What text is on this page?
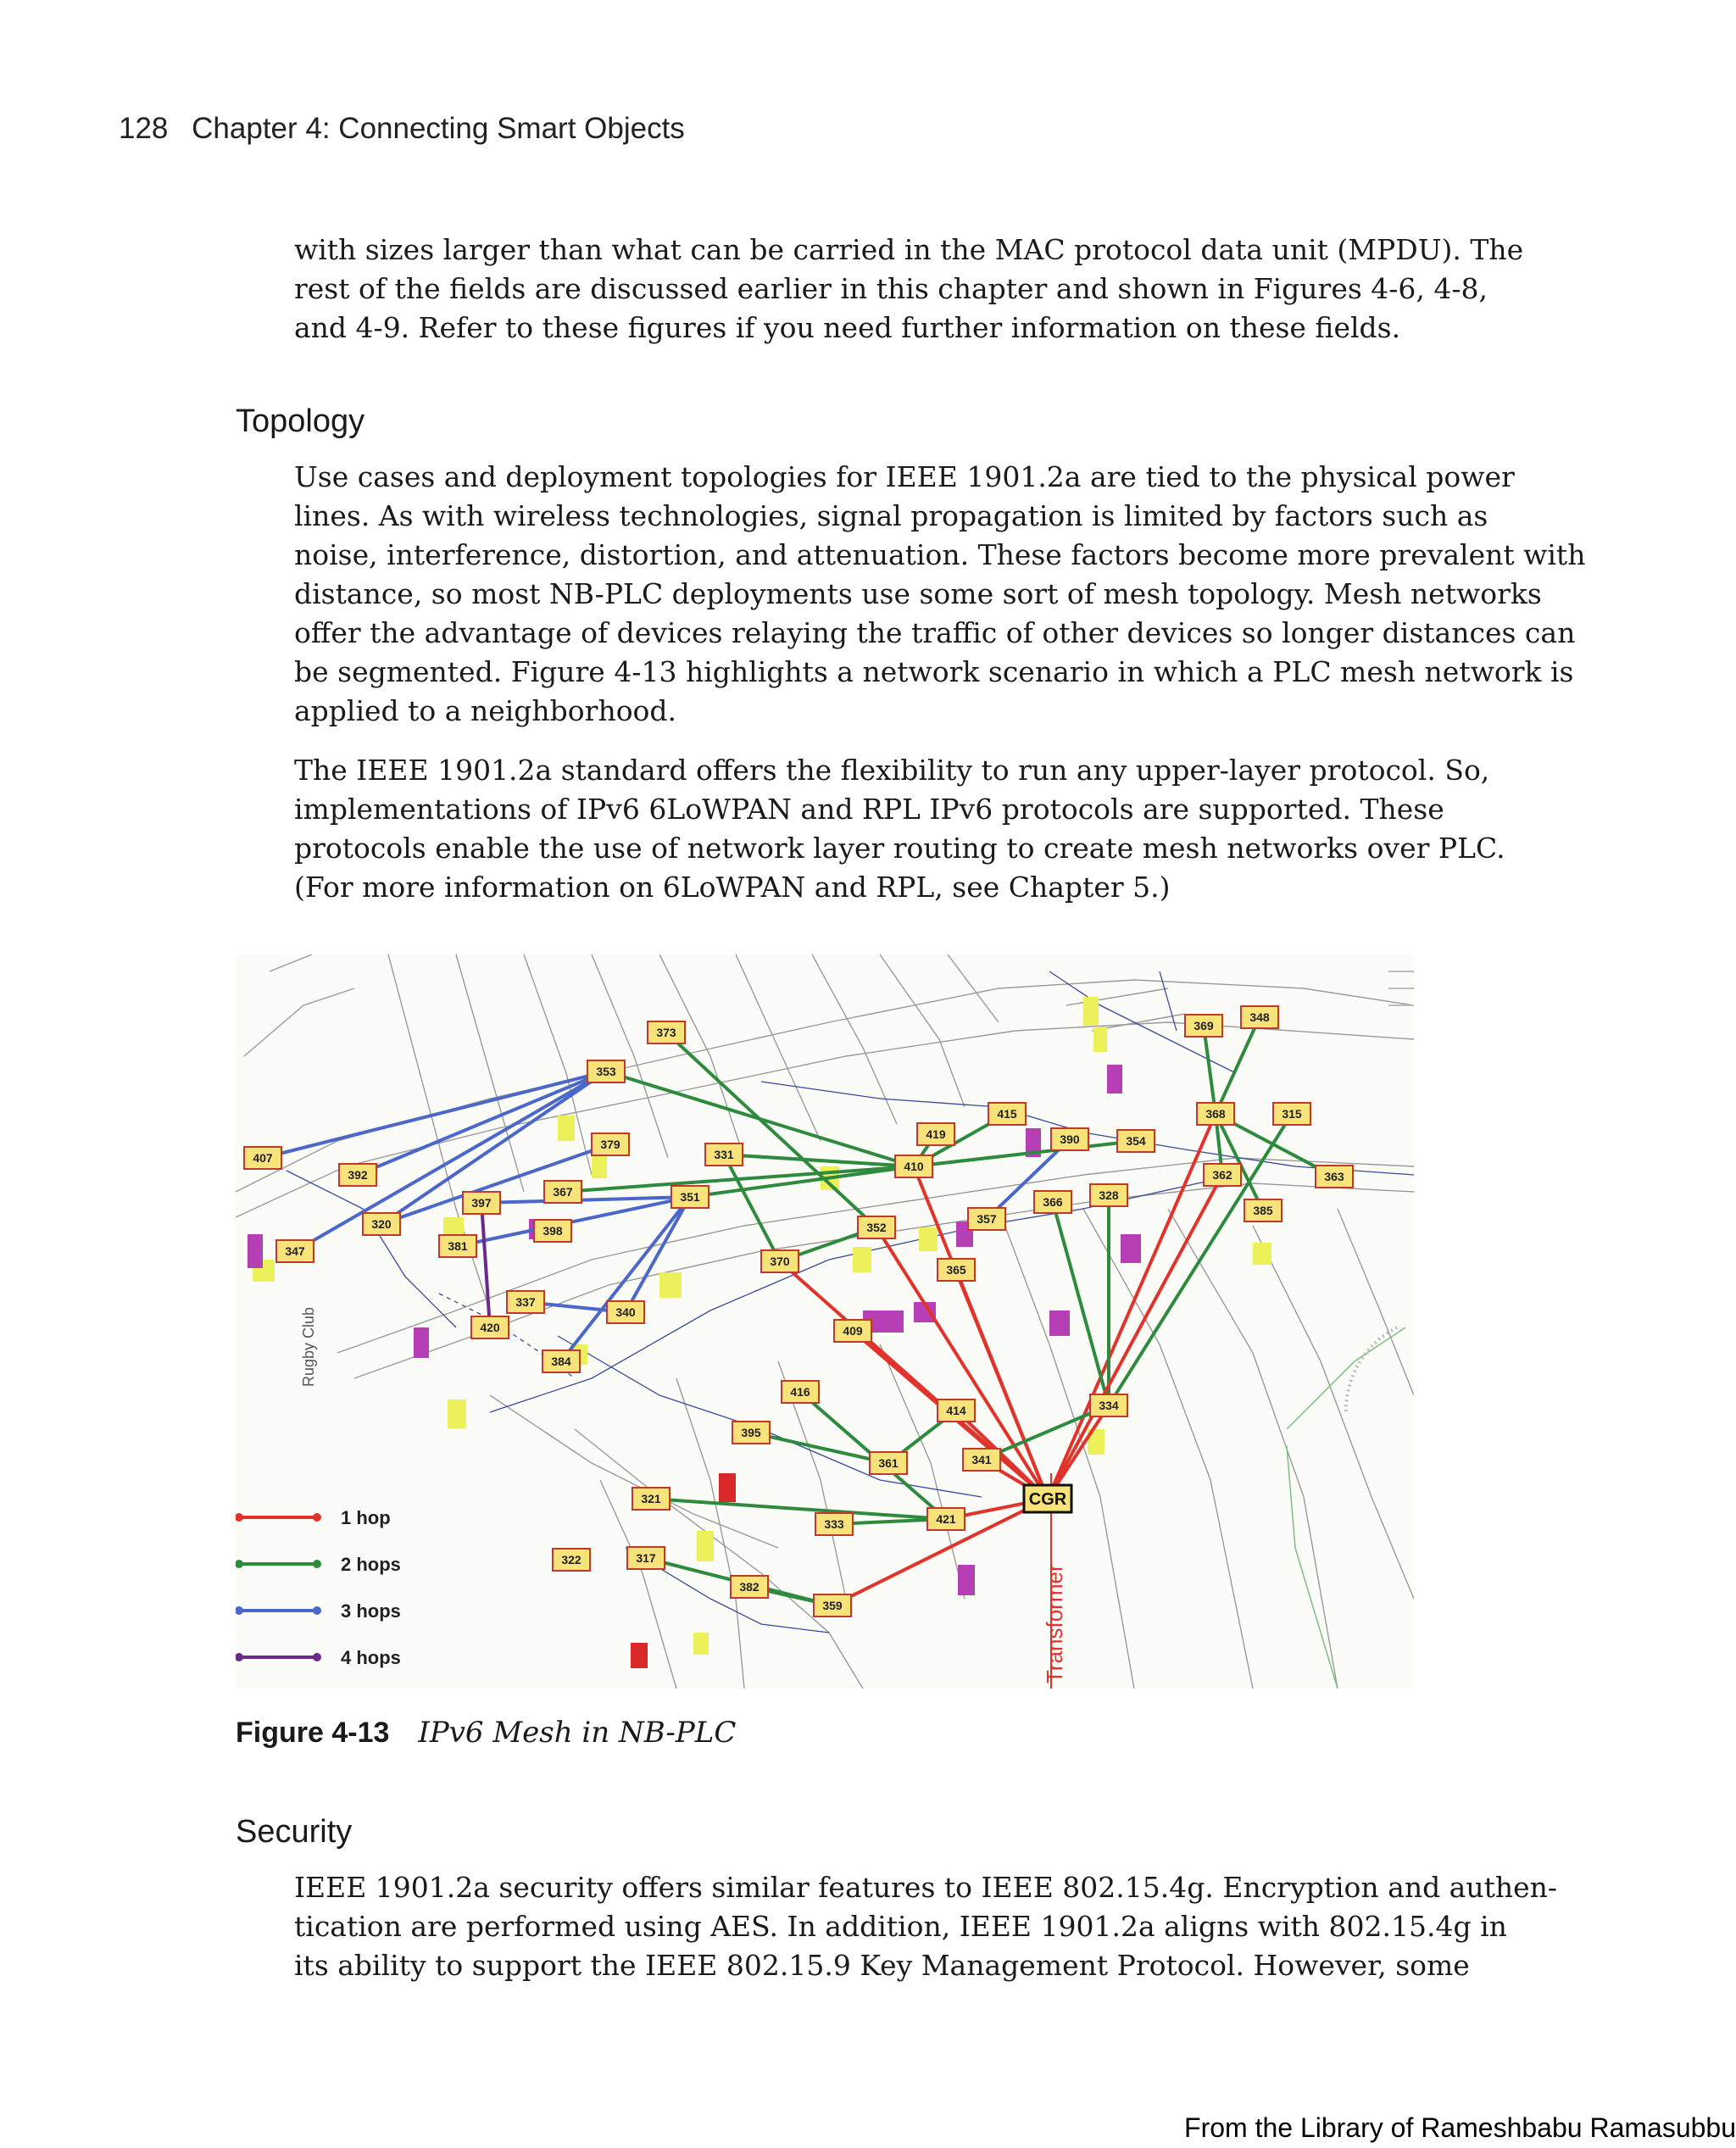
128 Chapter 4: Connecting Smart Objects
with sizes larger than what can be carried in the MAC protocol data unit (MPDU). The
rest of the fields are discussed earlier in this chapter and shown in Figures 4-6, 4-8,
and 4-9. Refer to these figures if you need further information on these fields.
Topology
Use cases and deployment topologies for IEEE 1901.2a are tied to the physical power
lines. As with wireless technologies, signal propagation is limited by factors such as
noise, interference, distortion, and attenuation. These factors become more prevalent with
distance, so most NB-PLC deployments use some sort of mesh topology. Mesh networks
offer the advantage of devices relaying the traffic of other devices so longer distances can
be segmented. Figure 4-13 highlights a network scenario in which a PLC mesh network is
applied to a neighborhood.
The IEEE 1901.2a standard offers the flexibility to run any upper-layer protocol. So,
implementations of IPv6 6LoWPAN and RPL IPv6 protocols are supported. These
protocols enable the use of network layer routing to create mesh networks over PLC.
(For more information on 6LoWPAN and RPL, see Chapter 5.)
Rugby Club
Transformer
373
353
407
392
397
367
379
331
351
320
347	381
398
337
420
340
384
370
352
410
419
415
390	354
369
348
368	315
362	363
385
366	328
357
365
409
416
414	334
395
361	341
321
333	421
322	317
382
359
CGR
1 hop
2 hops
3 hops
4 hops
Figure 4-13 IPv6 Mesh in NB-PLC
Security
IEEE 1901.2a security offers similar features to IEEE 802.15.4g. Encryption and authen-
tication are performed using AES. In addition, IEEE 1901.2a aligns with 802.15.4g in
its ability to support the IEEE 802.15.9 Key Management Protocol. However, some
From the Library of Rameshbabu Ramasubbu
